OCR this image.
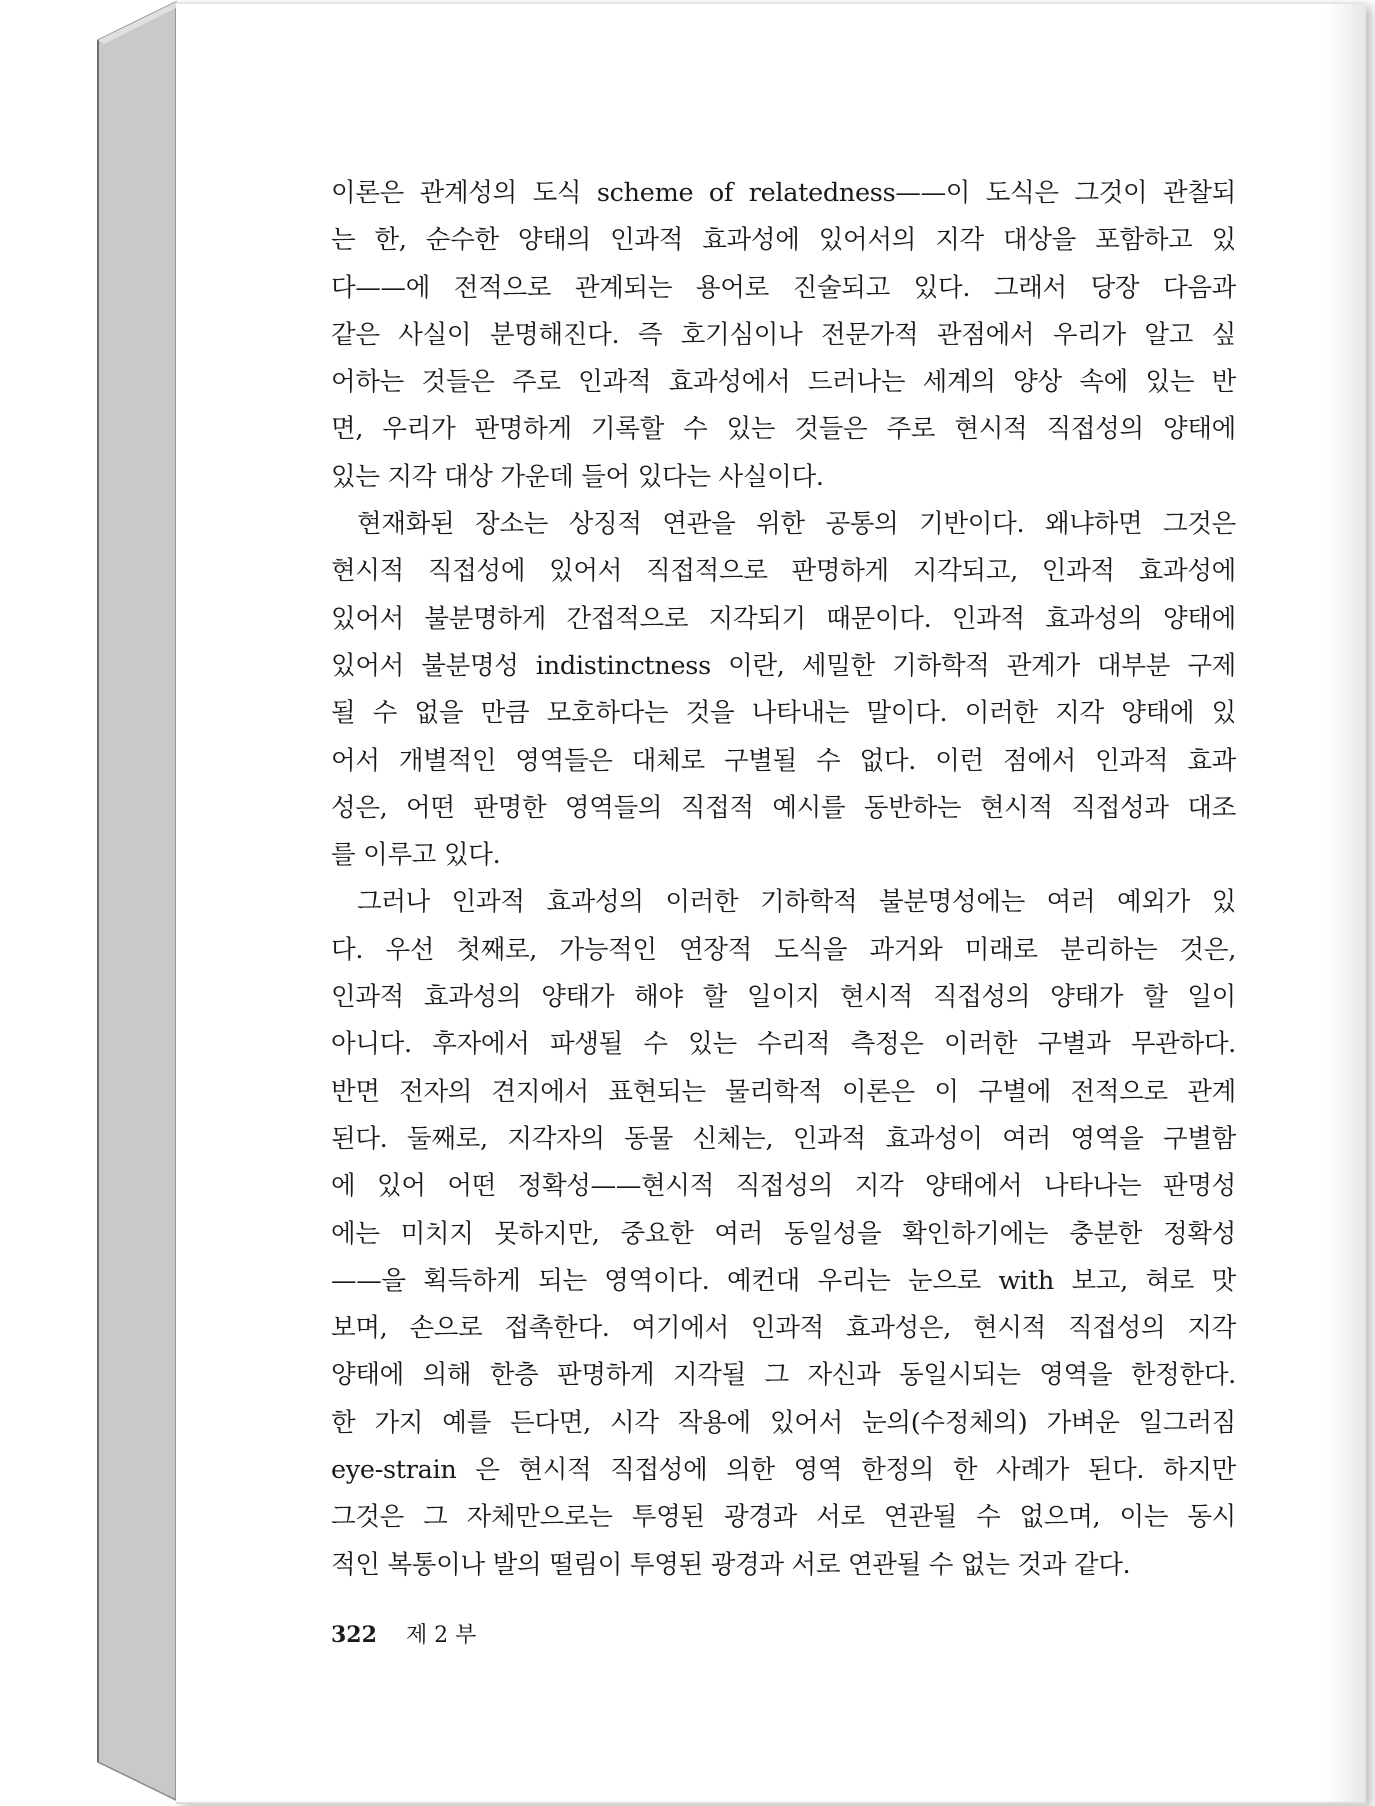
이론은 관계성의 도식 scheme of relatedness——이 도식은 그것이 관찰되
는 한, 순수한 양태의 인과적 효과성에 있어서의 지각 대상을 포함하고 있
다——에 전적으로 관계되는 용어로 진술되고 있다. 그래서 당장 다음과
같은 사실이 분명해진다. 즉 호기심이나 전문가적 관점에서 우리가 알고 싶
어하는 것들은 주로 인과적 효과성에서 드러나는 세계의 양상 속에 있는 반
면, 우리가 판명하게 기록할 수 있는 것들은 주로 현시적 직접성의 양태에
있는 지각 대상 가운데 들어 있다는 사실이다.
현재화된 장소는 상징적 연관을 위한 공통의 기반이다. 왜냐하면 그것은
현시적 직접성에 있어서 직접적으로 판명하게 지각되고, 인과적 효과성에
있어서 불분명하게 간접적으로 지각되기 때문이다. 인과적 효과성의 양태에
있어서 불분명성 indistinctness 이란, 세밀한 기하학적 관계가 대부분 구제
될 수 없을 만큼 모호하다는 것을 나타내는 말이다. 이러한 지각 양태에 있
어서 개별적인 영역들은 대체로 구별될 수 없다. 이런 점에서 인과적 효과
성은, 어떤 판명한 영역들의 직접적 예시를 동반하는 현시적 직접성과 대조
를 이루고 있다.
그러나 인과적 효과성의 이러한 기하학적 불분명성에는 여러 예외가 있
다. 우선 첫째로, 가능적인 연장적 도식을 과거와 미래로 분리하는 것은,
인과적 효과성의 양태가 해야 할 일이지 현시적 직접성의 양태가 할 일이
아니다. 후자에서 파생될 수 있는 수리적 측정은 이러한 구별과 무관하다.
반면 전자의 견지에서 표현되는 물리학적 이론은 이 구별에 전적으로 관계
된다. 둘째로, 지각자의 동물 신체는, 인과적 효과성이 여러 영역을 구별함
에 있어 어떤 정확성——현시적 직접성의 지각 양태에서 나타나는 판명성
에는 미치지 못하지만, 중요한 여러 동일성을 확인하기에는 충분한 정확성
——을 획득하게 되는 영역이다. 예컨대 우리는 눈으로 with 보고, 혀로 맛
보며, 손으로 접촉한다. 여기에서 인과적 효과성은, 현시적 직접성의 지각
양태에 의해 한층 판명하게 지각될 그 자신과 동일시되는 영역을 한정한다.
한 가지 예를 든다면, 시각 작용에 있어서 눈의(수정체의) 가벼운 일그러짐
eye-strain 은 현시적 직접성에 의한 영역 한정의 한 사례가 된다. 하지만
그것은 그 자체만으로는 투영된 광경과 서로 연관될 수 없으며, 이는 동시
적인 복통이나 발의 떨림이 투영된 광경과 서로 연관될 수 없는 것과 같다.
322 제 2 부
